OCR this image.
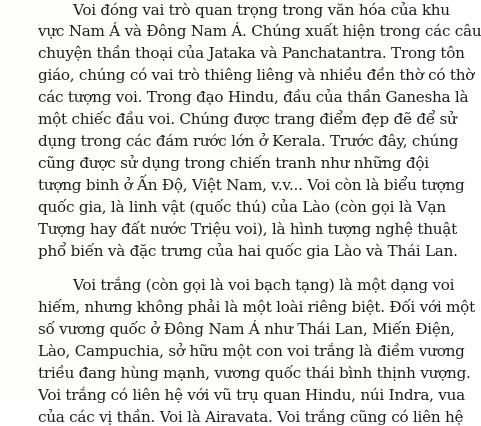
Voi đóng vai trò quan trọng trong văn hóa của khu
vực Nam Á và Đông Nam Á. Chúng xuất hiện trong các câu
chuyện thần thoại của Jataka và Panchatantra. Trong tôn
giáo, chúng có vai trò thiêng liêng và nhiều đền thờ có thờ
các tượng voi. Trong đạo Hindu, đầu của thần Ganesha là
một chiếc đầu voi. Chúng được trang điểm đẹp đẽ để sử
dụng trong các đám rước lớn ở Kerala. Trước đây, chúng
cũng được sử dụng trong chiến tranh như những đội
tượng binh ở Ấn Độ, Việt Nam, v.v... Voi còn là biểu tượng
quốc gia, là linh vật (quốc thú) của Lào (còn gọi là Vạn
Tượng hay đất nước Triệu voi), là hình tượng nghệ thuật
phổ biến và đặc trưng của hai quốc gia Lào và Thái Lan.
Voi trắng (còn gọi là voi bạch tạng) là một dạng voi
hiếm, nhưng không phải là một loài riêng biệt. Đối với một
số vương quốc ở Đông Nam Á như Thái Lan, Miến Điện,
Lào, Campuchia, sở hữu một con voi trắng là điềm vương
triều đang hùng mạnh, vương quốc thái bình thịnh vượng.
Voi trắng có liên hệ với vũ trụ quan Hindu, núi Indra, vua
của các vị thần. Voi là Airavata. Voi trắng cũng có liên hệ
